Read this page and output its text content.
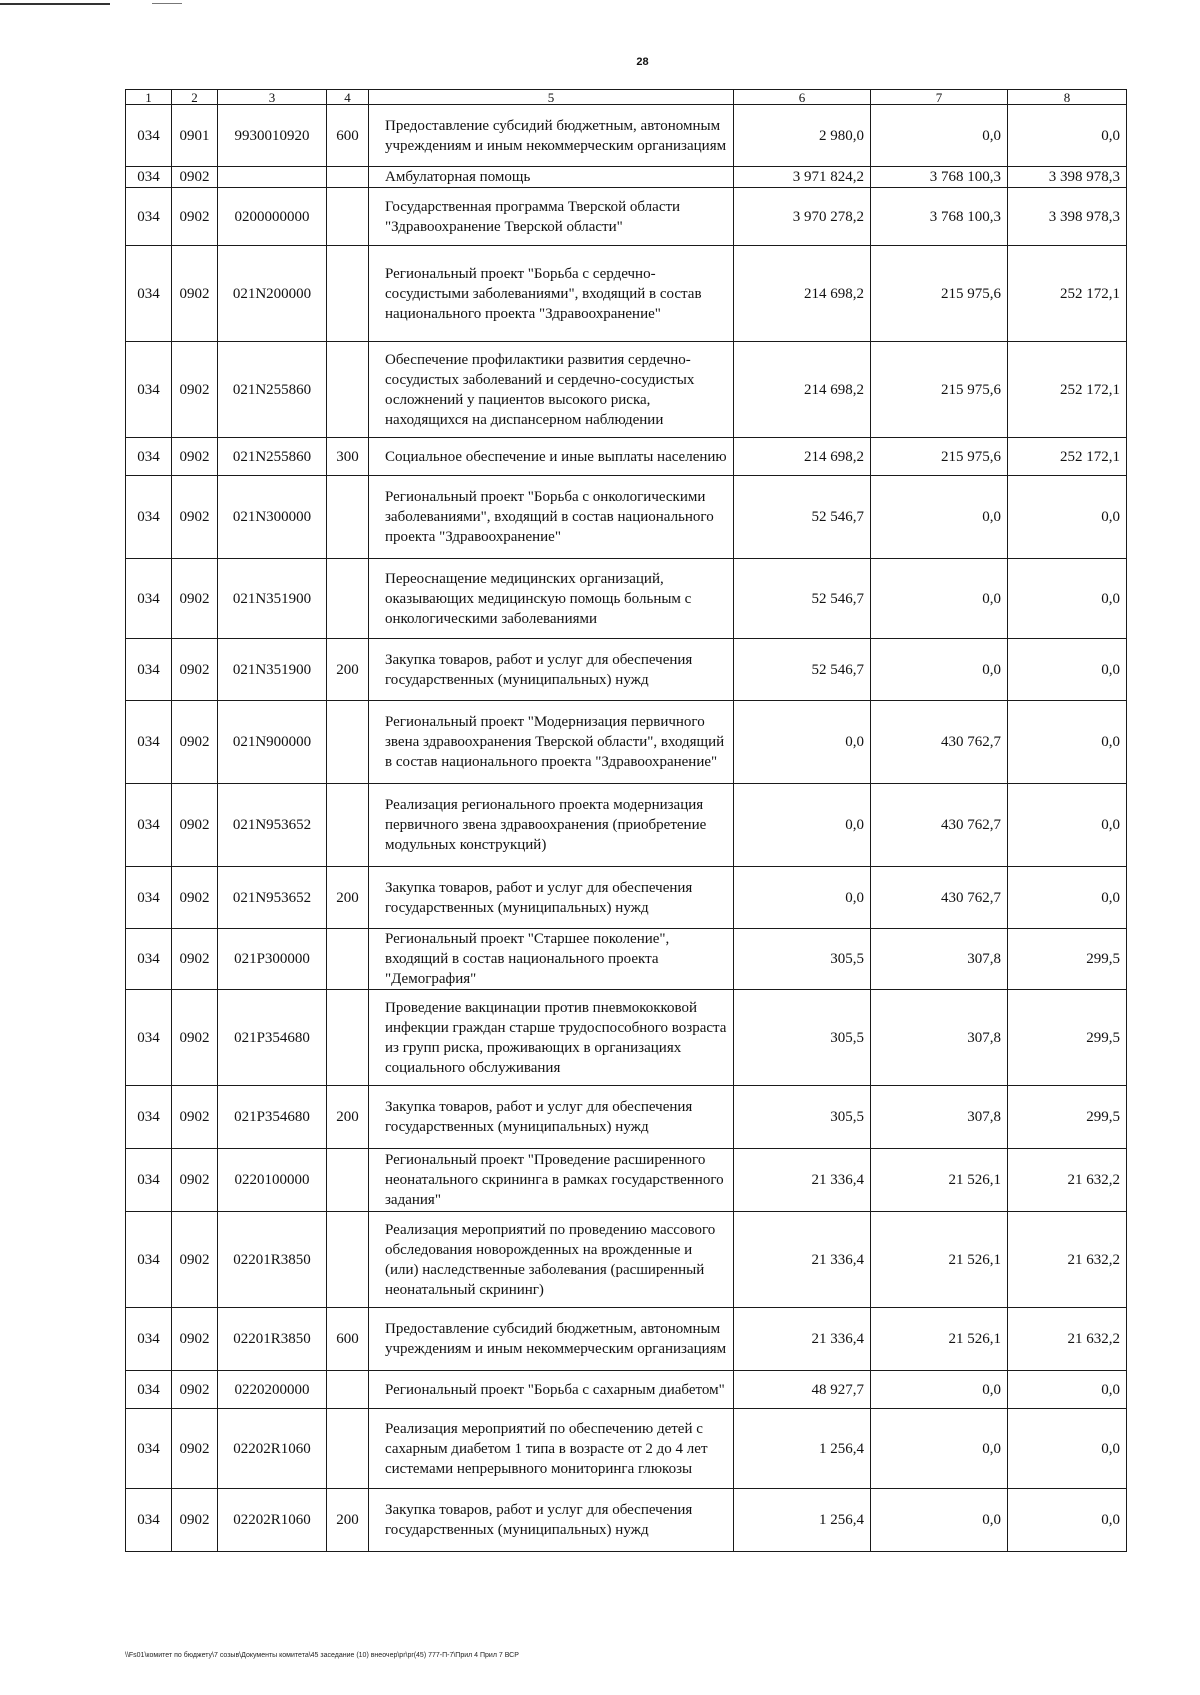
28
1	2	3	4	5	6	7	8
034	0901	9930010920	600	Предоставление субсидий бюджетным, автономным учреждениям и иным некоммерческим организациям	2 980,0	0,0	0,0
034	0902			Амбулаторная помощь	3 971 824,2	3 768 100,3	3 398 978,3
034	0902	0200000000		Государственная программа Тверской области "Здравоохранение Тверской области"	3 970 278,2	3 768 100,3	3 398 978,3
034	0902	021N200000		Региональный проект "Борьба с сердечно-сосудистыми заболеваниями", входящий в состав национального проекта "Здравоохранение"	214 698,2	215 975,6	252 172,1
034	0902	021N255860		Обеспечение профилактики развития сердечно-сосудистых заболеваний и сердечно-сосудистых осложнений у пациентов высокого риска, находящихся на диспансерном наблюдении	214 698,2	215 975,6	252 172,1
034	0902	021N255860	300	Социальное обеспечение и иные выплаты населению	214 698,2	215 975,6	252 172,1
034	0902	021N300000		Региональный проект "Борьба с онкологическими заболеваниями", входящий в состав национального проекта "Здравоохранение"	52 546,7	0,0	0,0
034	0902	021N351900		Переоснащение медицинских организаций, оказывающих медицинскую помощь больным с онкологическими заболеваниями	52 546,7	0,0	0,0
034	0902	021N351900	200	Закупка товаров, работ и услуг для обеспечения государственных (муниципальных) нужд	52 546,7	0,0	0,0
034	0902	021N900000		Региональный проект "Модернизация первичного звена здравоохранения Тверской области", входящий в состав национального проекта "Здравоохранение"	0,0	430 762,7	0,0
034	0902	021N953652		Реализация регионального проекта модернизация первичного звена здравоохранения (приобретение модульных конструкций)	0,0	430 762,7	0,0
034	0902	021N953652	200	Закупка товаров, работ и услуг для обеспечения государственных (муниципальных) нужд	0,0	430 762,7	0,0
034	0902	021P300000		Региональный проект "Старшее поколение", входящий в состав национального проекта "Демография"	305,5	307,8	299,5
034	0902	021P354680		Проведение вакцинации против пневмококковой инфекции граждан старше трудоспособного возраста из групп риска, проживающих в организациях социального обслуживания	305,5	307,8	299,5
034	0902	021P354680	200	Закупка товаров, работ и услуг для обеспечения государственных (муниципальных) нужд	305,5	307,8	299,5
034	0902	0220100000		Региональный проект "Проведение расширенного неонатального скрининга в рамках государственного задания"	21 336,4	21 526,1	21 632,2
034	0902	02201R3850		Реализация мероприятий по проведению массового обследования новорожденных на врожденные и (или) наследственные заболевания (расширенный неонатальный скрининг)	21 336,4	21 526,1	21 632,2
034	0902	02201R3850	600	Предоставление субсидий бюджетным, автономным учреждениям и иным некоммерческим организациям	21 336,4	21 526,1	21 632,2
034	0902	0220200000		Региональный проект "Борьба с сахарным диабетом"	48 927,7	0,0	0,0
034	0902	02202R1060		Реализация мероприятий по обеспечению детей с сахарным диабетом 1 типа в возрасте от 2 до 4 лет системами непрерывного мониторинга глюкозы	1 256,4	0,0	0,0
034	0902	02202R1060	200	Закупка товаров, работ и услуг для обеспечения государственных (муниципальных) нужд	1 256,4	0,0	0,0
\\Fs01\комитет по бюджету\7 созыв\Документы комитета\45 заседание (10) внеочер\pr\pr(45) 777-П-7\Прил 4 Прил 7 ВСР
